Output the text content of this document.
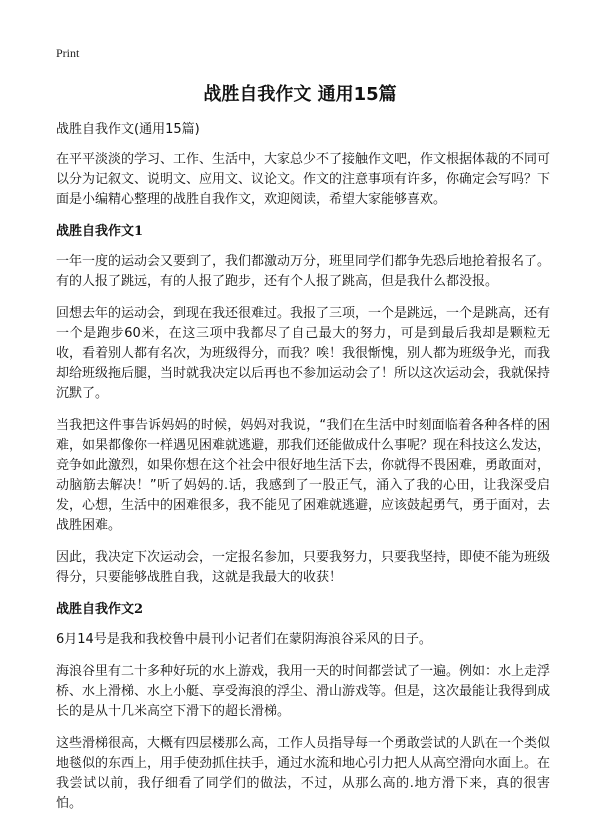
Print
战胜自我作文 通用15篇

战胜自我作文(通用15篇)

在平平淡淡的学习、工作、生活中，大家总少不了接触作文吧，作文根据体裁的不同可以分为记叙文、说明文、应用文、议论文。作文的注意事项有许多，你确定会写吗？下面是小编精心整理的战胜自我作文，欢迎阅读，希望大家能够喜欢。

战胜自我作文1

一年一度的运动会又要到了，我们都激动万分，班里同学们都争先恐后地抢着报名了。有的人报了跳远，有的人报了跑步，还有个人报了跳高，但是我什么都没报。

回想去年的运动会，到现在我还很难过。我报了三项，一个是跳远，一个是跳高，还有一个是跑步60米，在这三项中我都尽了自己最大的努力，可是到最后我却是颗粒无收，看着别人都有名次，为班级得分，而我？唉！我很惭愧，别人都为班级争光，而我却给班级拖后腿，当时就我决定以后再也不参加运动会了！所以这次运动会，我就保持沉默了。

当我把这件事告诉妈妈的时候，妈妈对我说，“我们在生活中时刻面临着各种各样的困难，如果都像你一样遇见困难就逃避，那我们还能做成什么事呢？现在科技这么发达，竞争如此激烈，如果你想在这个社会中很好地生活下去，你就得不畏困难，勇敢面对，动脑筋去解决！”听了妈妈的.话，我感到了一股正气，涌入了我的心田，让我深受启发，心想，生活中的困难很多，我不能见了困难就逃避，应该鼓起勇气，勇于面对，去战胜困难。

因此，我决定下次运动会，一定报名参加，只要我努力，只要我坚持，即使不能为班级得分，只要能够战胜自我，这就是我最大的收获！

战胜自我作文2

6月14号是我和我校鲁中晨刊小记者们在蒙阴海浪谷采风的日子。

海浪谷里有二十多种好玩的水上游戏，我用一天的时间都尝试了一遍。例如：水上走浮桥、水上滑梯、水上小艇、享受海浪的浮尘、滑山游戏等。但是，这次最能让我得到成长的是从十几米高空下滑下的超长滑梯。

这些滑梯很高，大概有四层楼那么高，工作人员指导每一个勇敢尝试的人趴在一个类似地毯似的东西上，用手使劲抓住扶手，通过水流和地心引力把人从高空滑向水面上。在我尝试以前，我仔细看了同学们的做法，不过，从那么高的.地方滑下来，真的很害怕。
